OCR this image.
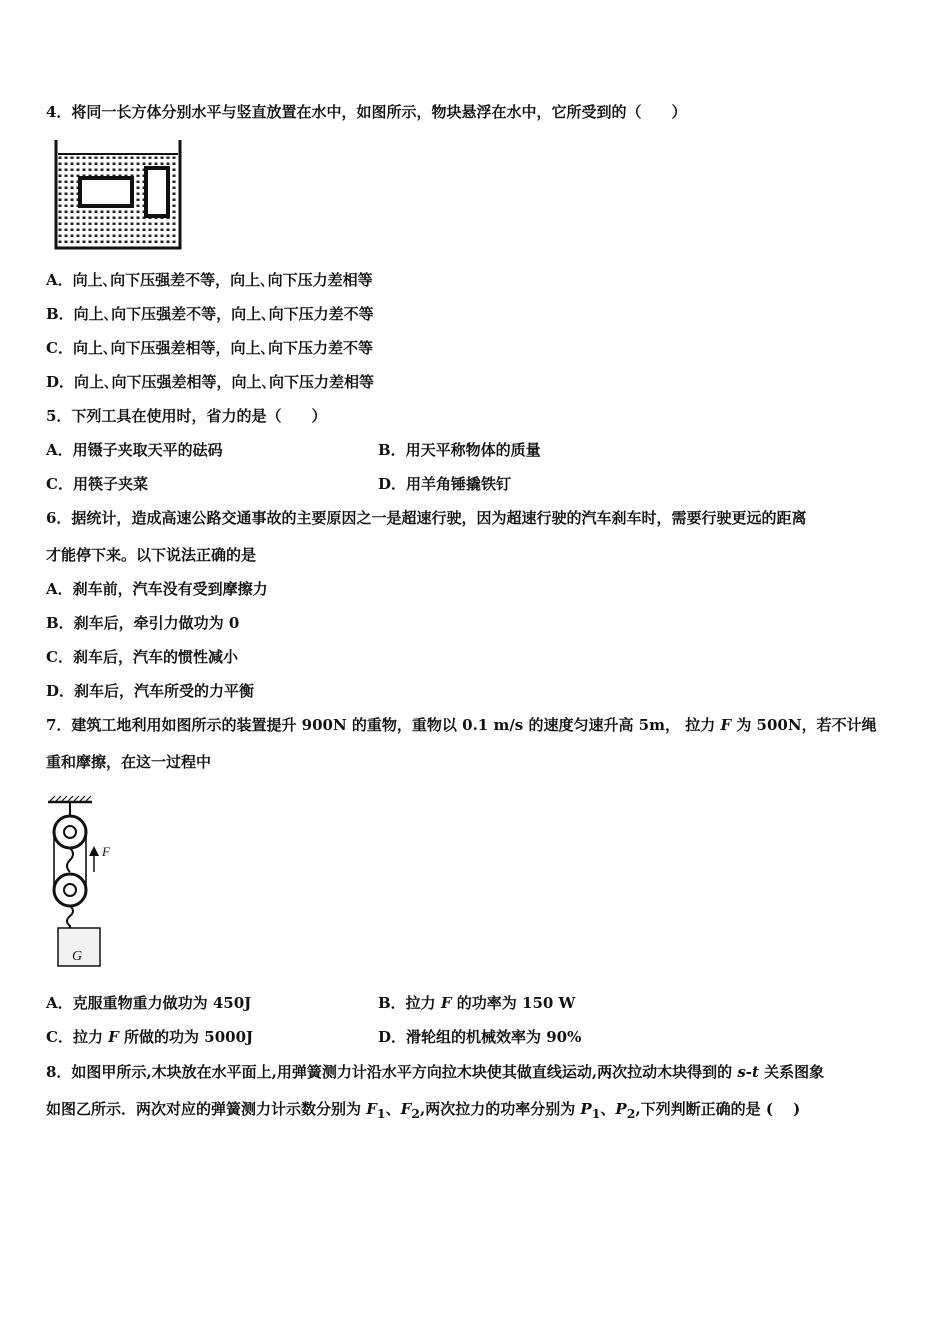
4．将同一长方体分别水平与竖直放置在水中，如图所示，物块悬浮在水中，它所受到的（　　）
A．向上､向下压强差不等，向上､向下压力差相等
B．向上､向下压强差不等，向上､向下压力差不等
C．向上､向下压强差相等，向上､向下压力差不等
D．向上､向下压强差相等，向上､向下压力差相等
5．下列工具在使用时，省力的是（　　）
A．用镊子夹取天平的砝码	B．用天平称物体的质量
C．用筷子夹菜	D．用羊角锤撬铁钉
6．据统计，造成高速公路交通事故的主要原因之一是超速行驶，因为超速行驶的汽车刹车时，需要行驶更远的距离
才能停下来。以下说法正确的是
A．刹车前，汽车没有受到摩擦力
B．刹车后，牵引力做功为 0
C．刹车后，汽车的惯性减小
D．刹车后，汽车所受的力平衡
7．建筑工地利用如图所示的装置提升 900N 的重物，重物以 0.1 m/s 的速度匀速升高 5m， 拉力 F 为 500N，若不计绳
重和摩擦，在这一过程中
F
G
A．克服重物重力做功为 450J	B．拉力 F 的功率为 150 W
C．拉力 F 所做的功为 5000J	D．滑轮组的机械效率为 90%
8．如图甲所示,木块放在水平面上,用弹簧测力计沿水平方向拉木块使其做直线运动,两次拉动木块得到的 s-t 关系图象
如图乙所示．两次对应的弹簧测力计示数分别为 $F_1$、$F_2$,两次拉力的功率分别为 $P_1$、$P_2$,下列判断正确的是 (　 )
